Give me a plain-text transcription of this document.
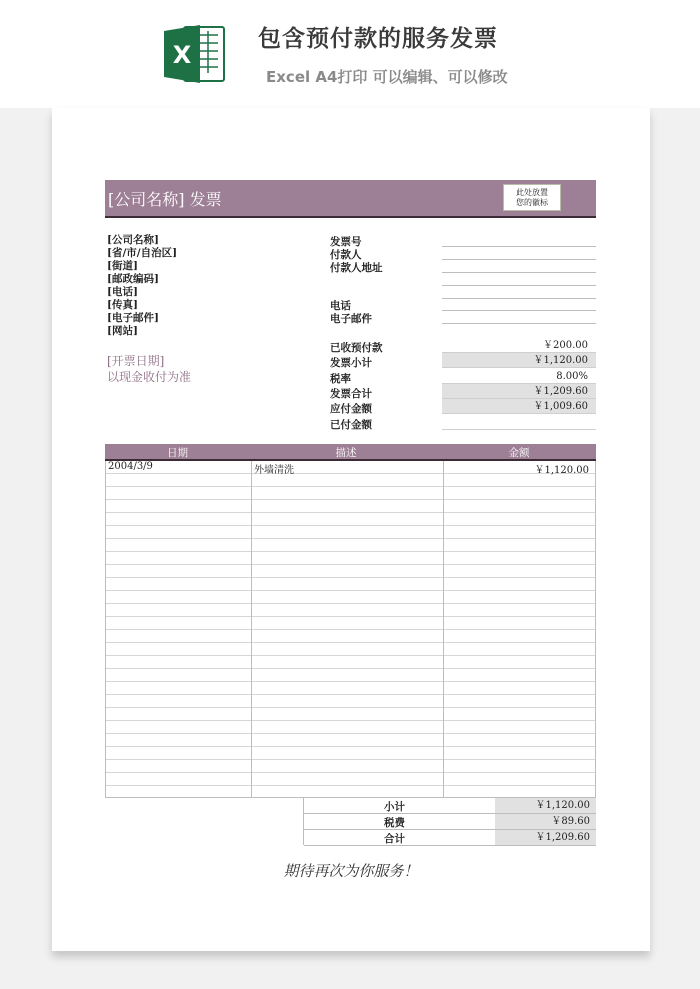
X
包含预付款的服务发票
Excel A4打印 可以编辑、可以修改
[公司名称] 发票	此处放置
您的徽标
[公司名称]
[省/市/自治区]
[街道]
[邮政编码]
[电话]
[传真]
[电子邮件]
[网站]
[开票日期]
以现金收付为准
发票号
付款人
付款人地址
电话
电子邮件
已收预付款	￥200.00
发票小计	￥1,120.00
税率	8.00%
发票合计	￥1,209.60
应付金额	￥1,009.60
已付金额
日期	描述	金额
2004/3/9	外墙清洗	￥1,120.00
小计	￥1,120.00
税费	￥89.60
合计	￥1,209.60
期待再次为你服务！
